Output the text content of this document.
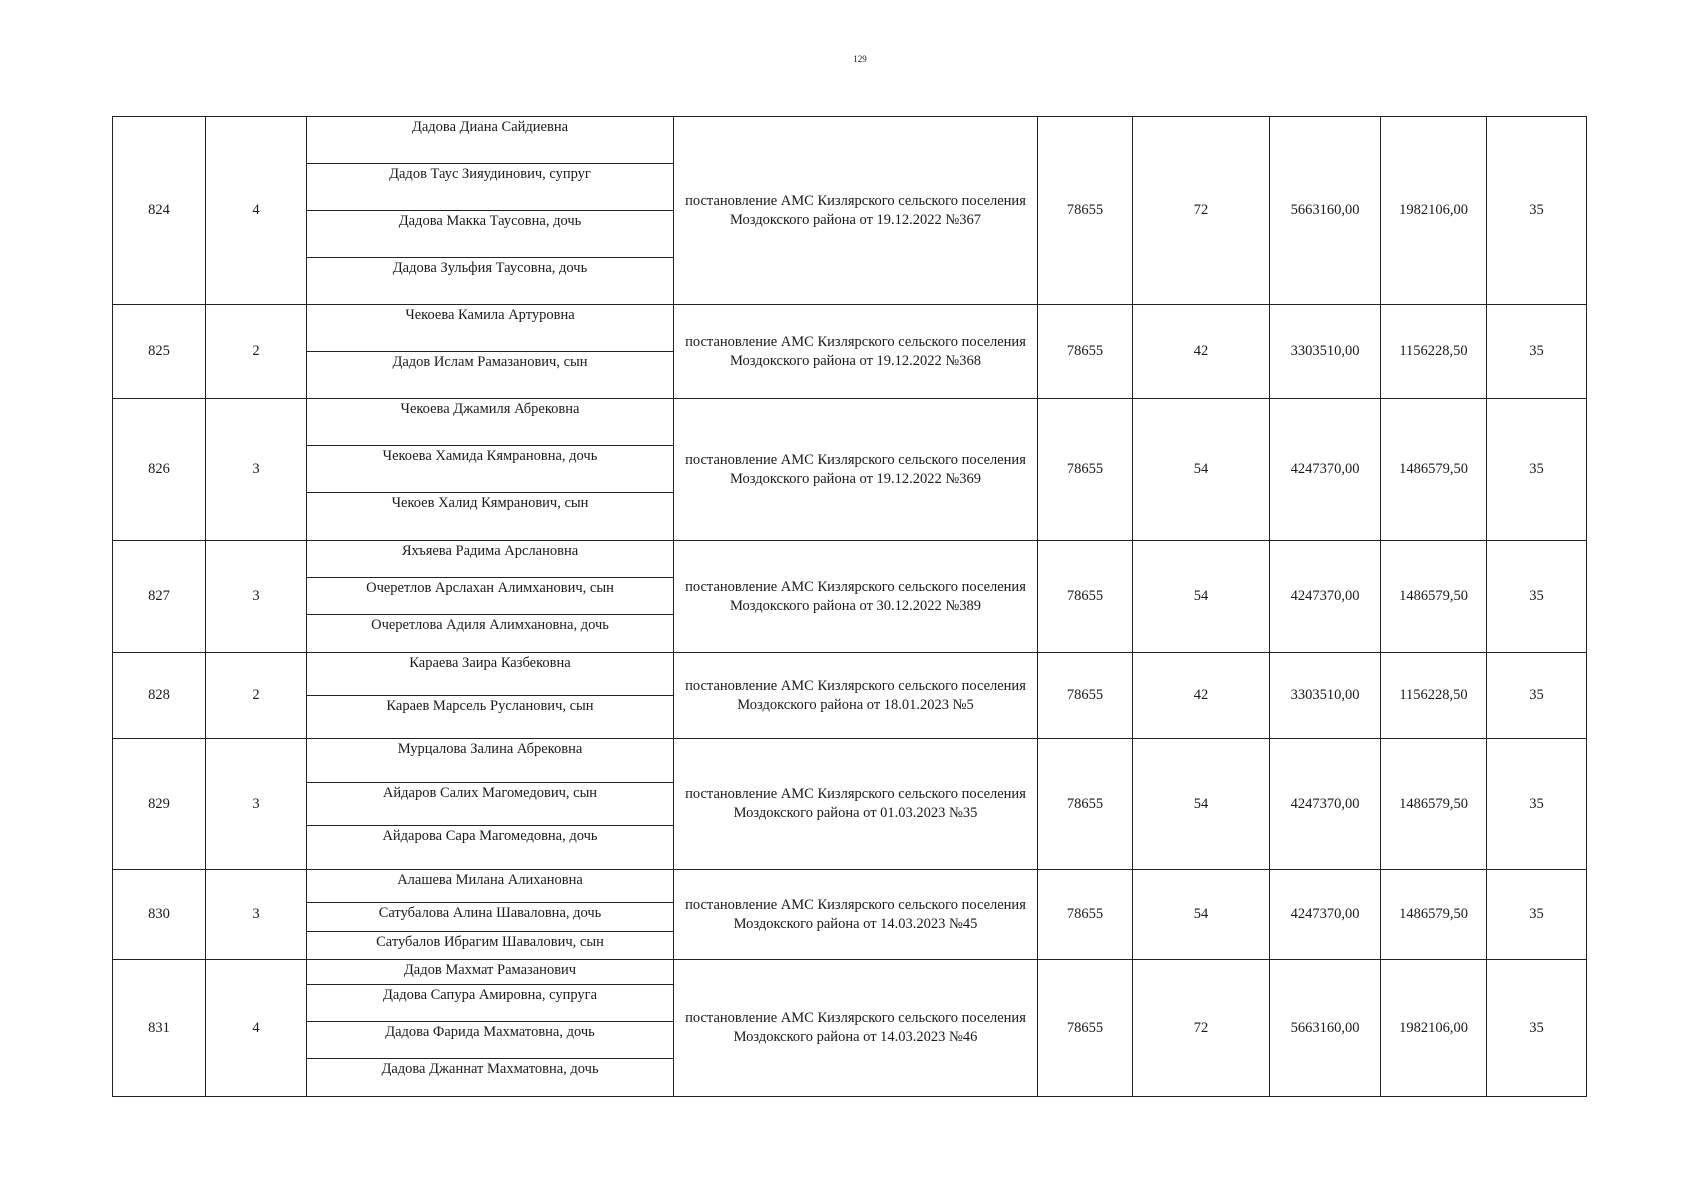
129
824	4	Дадова Диана Сайдиевна
Дадов Таус Зияудинович, супруг
Дадова Макка Таусовна, дочь
Дадова Зульфия Таусовна, дочь	постановление АМС Кизлярского сельского поселения Моздокского района от 19.12.2022 №367	78655	72	5663160,00	1982106,00	35
825	2	Чекоева Камила Артуровна
Дадов Ислам Рамазанович, сын	постановление АМС Кизлярского сельского поселения Моздокского района от 19.12.2022 №368	78655	42	3303510,00	1156228,50	35
826	3	Чекоева Джамиля Абрековна
Чекоева Хамида Кямрановна, дочь
Чекоев Халид Кямранович, сын	постановление АМС Кизлярского сельского поселения Моздокского района от 19.12.2022 №369	78655	54	4247370,00	1486579,50	35
827	3	Яхъяева Радима Арслановна
Очеретлов Арслахан Алимханович, сын
Очеретлова Адиля Алимхановна, дочь	постановление АМС Кизлярского сельского поселения Моздокского района от 30.12.2022 №389	78655	54	4247370,00	1486579,50	35
828	2	Караева Заира Казбековна
Караев Марсель Русланович, сын	постановление АМС Кизлярского сельского поселения Моздокского района от 18.01.2023 №5	78655	42	3303510,00	1156228,50	35
829	3	Мурцалова Залина Абрековна
Айдаров Салих Магомедович, сын
Айдарова Сара Магомедовна, дочь	постановление АМС Кизлярского сельского поселения Моздокского района от 01.03.2023 №35	78655	54	4247370,00	1486579,50	35
830	3	Алашева Милана Алихановна
Сатубалова Алина Шавалoвна, дочь
Сатубалов Ибрагим Шавалович, сын	постановление АМС Кизлярского сельского поселения Моздокского района от 14.03.2023 №45	78655	54	4247370,00	1486579,50	35
831	4	Дадов Махмат Рамазанович
Дадова Сапура Амировна, супруга
Дадова Фарида Махматовна, дочь
Дадова Джаннат Махматовна, дочь	постановление АМС Кизлярского сельского поселения Моздокского района от 14.03.2023 №46	78655	72	5663160,00	1982106,00	35
